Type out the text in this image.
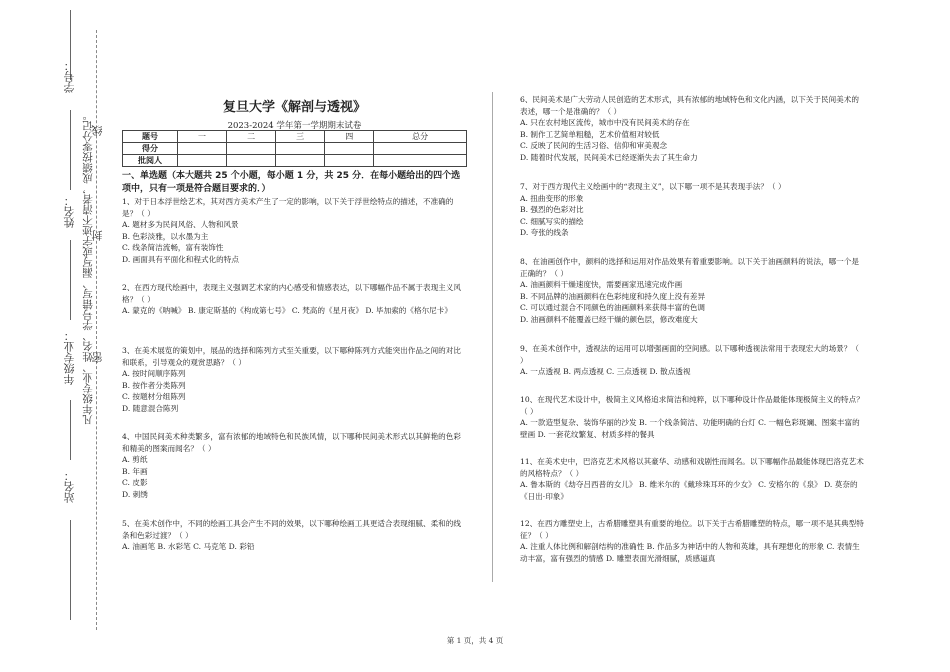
学号：
姓名：
年级专业：
站名：
凡年级专业、姓名、学号错写、漏写或字迹不清者，成绩按零分记。
线
封
密
复旦大学《解剖与透视》
2023-2024 学年第一学期期末试卷
题号	一	二	三	四	总分
得分					
批阅人					
一、单选题（本大题共 25 个小题，每小题 1 分，共 25 分．在每小题给出的四个选项中，只有一项是符合题目要求的．）

1、对于日本浮世绘艺术，其对西方美术产生了一定的影响，以下关于浮世绘特点的描述，不准确的是？（ ）

A. 题材多为民间风俗、人物和风景

B. 色彩淡雅，以水墨为主

C. 线条简洁流畅，富有装饰性

D. 画面具有平面化和程式化的特点

2、在西方现代绘画中，表现主义强调艺术家的内心感受和情感表达，以下哪幅作品不属于表现主义风格？（ ）

A. 蒙克的《呐喊》 B. 康定斯基的《构成第七号》 C. 梵高的《星月夜》 D. 毕加索的《格尔尼卡》

3、在美术展览的策划中，展品的选择和陈列方式至关重要，以下哪种陈列方式能突出作品之间的对比和联系，引导观众的观赏思路？（ ）

A. 按时间顺序陈列

B. 按作者分类陈列

C. 按题材分组陈列

D. 随意混合陈列

4、中国民间美术种类繁多，富有浓郁的地域特色和民族风情，以下哪种民间美术形式以其鲜艳的色彩和精美的图案而闻名？（ ）

A. 剪纸

B. 年画

C. 皮影

D. 刺绣

5、在美术创作中，不同的绘画工具会产生不同的效果，以下哪种绘画工具更适合表现细腻、柔和的线条和色彩过渡？（ ）

A. 油画笔 B. 水彩笔 C. 马克笔 D. 彩铅

6、民间美术是广大劳动人民创造的艺术形式，具有浓郁的地域特色和文化内涵，以下关于民间美术的表述，哪一个是准确的？（ ）

A. 只在农村地区流传，城市中没有民间美术的存在

B. 制作工艺简单粗糙，艺术价值相对较低

C. 反映了民间的生活习俗、信仰和审美观念

D. 随着时代发展，民间美术已经逐渐失去了其生命力

7、对于西方现代主义绘画中的“表现主义”，以下哪一项不是其表现手法？（ ）

A. 扭曲变形的形象

B. 强烈的色彩对比

C. 细腻写实的描绘

D. 夸张的线条

8、在油画创作中，颜料的选择和运用对作品效果有着重要影响。以下关于油画颜料的说法，哪一个是正确的？（ ）

A. 油画颜料干燥速度快，需要画家迅速完成作画

B. 不同品牌的油画颜料在色彩纯度和持久度上没有差异

C. 可以通过混合不同颜色的油画颜料来获得丰富的色调

D. 油画颜料不能覆盖已经干燥的颜色层，修改难度大

9、在美术创作中，透视法的运用可以增强画面的空间感。以下哪种透视法常用于表现宏大的场景？（ ）

A. 一点透视 B. 两点透视 C. 三点透视 D. 散点透视

10、在现代艺术设计中，极简主义风格追求简洁和纯粹，以下哪种设计作品最能体现极简主义的特点？（ ）

A. 一款造型复杂、装饰华丽的沙发 B. 一个线条简洁、功能明确的台灯 C. 一幅色彩斑斓、图案丰富的壁画 D. 一套花纹繁复、材质多样的餐具

11、在美术史中，巴洛克艺术风格以其豪华、动感和戏剧性而闻名。以下哪幅作品最能体现巴洛克艺术的风格特点？（ ）

A. 鲁本斯的《劫夺吕西普的女儿》 B. 维米尔的《戴珍珠耳环的少女》 C. 安格尔的《泉》 D. 莫奈的《日出·印象》

12、在西方雕塑史上，古希腊雕塑具有重要的地位。以下关于古希腊雕塑的特点，哪一项不是其典型特征？（ ）

A. 注重人体比例和解剖结构的准确性 B. 作品多为神话中的人物和英雄，具有理想化的形象 C. 表情生动丰富，富有强烈的情感 D. 雕塑表面光滑细腻，质感逼真

第 1 页，共 4 页
